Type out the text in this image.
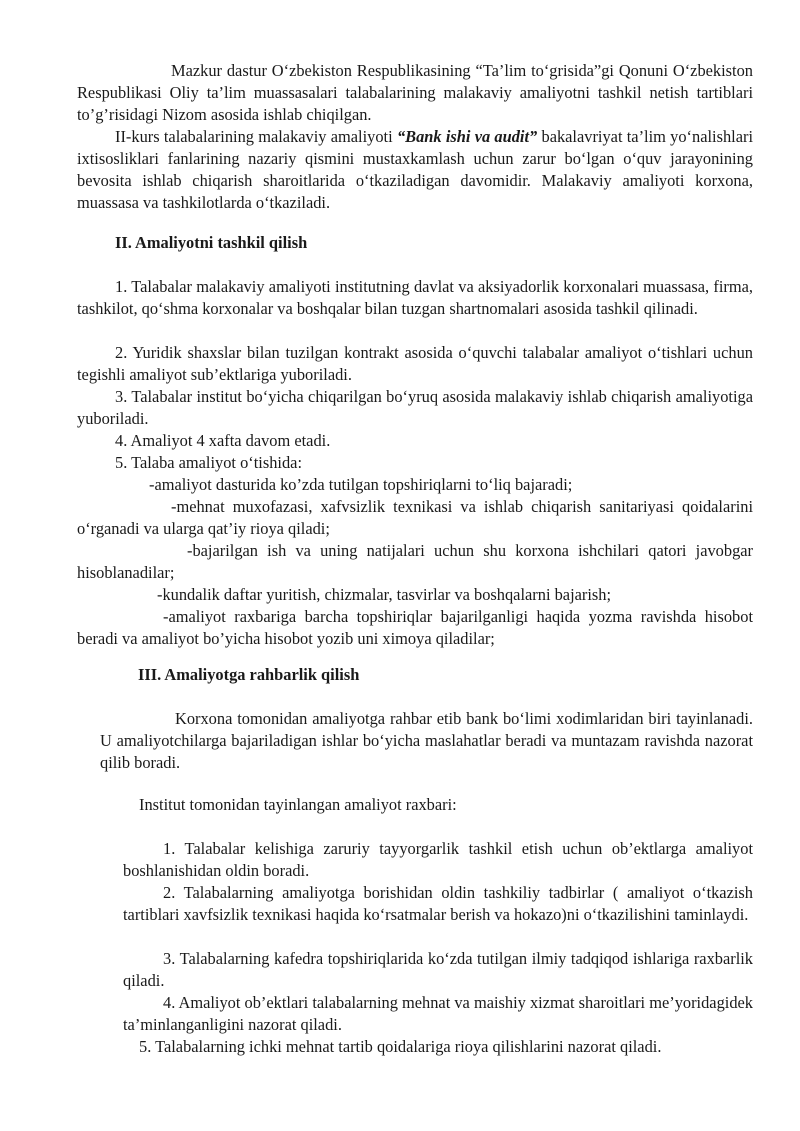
Mazkur dastur O‘zbekiston Respublikasining “Ta’lim to‘grisida”gi Qonuni O‘zbekiston Respublikasi Oliy ta’lim muassasalari talabalarining malakaviy amaliyotni tashkil netish tartiblari to’g’risidagi Nizom asosida ishlab chiqilgan.

II-kurs talabalarining malakaviy amaliyoti “Bank ishi va audit” bakalavriyat ta’lim yo‘nalishlari ixtisosliklari fanlarining nazariy qismini mustaxkamlash uchun zarur bo‘lgan o‘quv jarayonining bevosita ishlab chiqarish sharoitlarida o‘tkaziladigan davomidir. Malakaviy amaliyoti korxona, muassasa va tashkilotlarda o‘tkaziladi.

II. Amaliyotni tashkil qilish

1. Talabalar malakaviy amaliyoti institutning davlat va aksiyadorlik korxonalari muassasa, firma, tashkilot, qo‘shma korxonalar va boshqalar bilan tuzgan shartnomalari asosida tashkil qilinadi.

2. Yuridik shaxslar bilan tuzilgan kontrakt asosida o‘quvchi talabalar amaliyot o‘tishlari uchun tegishli amaliyot sub’ektlariga yuboriladi.

3. Talabalar institut bo‘yicha chiqarilgan bo‘yruq asosida malakaviy ishlab chiqarish amaliyotiga yuboriladi.

4. Amaliyot 4 xafta davom etadi.

5. Talaba amaliyot o‘tishida:

-amaliyot dasturida ko’zda tutilgan topshiriqlarni to‘liq bajaradi;

-mehnat muxofazasi, xafvsizlik texnikasi va ishlab chiqarish sanitariyasi qoidalarini o‘rganadi va ularga qat’iy rioya qiladi;

-bajarilgan ish va uning natijalari uchun shu korxona ishchilari qatori javobgar hisoblanadilar;

-kundalik daftar yuritish, chizmalar, tasvirlar va boshqalarni bajarish;

-amaliyot raxbariga barcha topshiriqlar bajarilganligi haqida yozma ravishda hisobot beradi va amaliyot bo’yicha hisobot yozib uni ximoya qiladilar;

III. Amaliyotga rahbarlik qilish

Korxona tomonidan amaliyotga rahbar etib bank bo‘limi xodimlaridan biri tayinlanadi. U amaliyotchilarga bajariladigan ishlar bo‘yicha maslahatlar beradi va muntazam ravishda nazorat qilib boradi.

Institut tomonidan tayinlangan amaliyot raxbari:

1. Talabalar kelishiga zaruriy tayyorgarlik tashkil etish uchun ob’ektlarga amaliyot boshlanishidan oldin boradi.

2. Talabalarning amaliyotga borishidan oldin tashkiliy tadbirlar ( amaliyot o‘tkazish tartiblari xavfsizlik texnikasi haqida ko‘rsatmalar berish va hokazo)ni o‘tkazilishini taminlaydi.

3. Talabalarning kafedra topshiriqlarida ko‘zda tutilgan ilmiy tadqiqod ishlariga raxbarlik qiladi.

4. Amaliyot ob’ektlari talabalarning mehnat va maishiy xizmat sharoitlari me’yoridagidek ta’minlanganligini nazorat qiladi.

5. Talabalarning ichki mehnat tartib qoidalariga rioya qilishlarini nazorat qiladi.
